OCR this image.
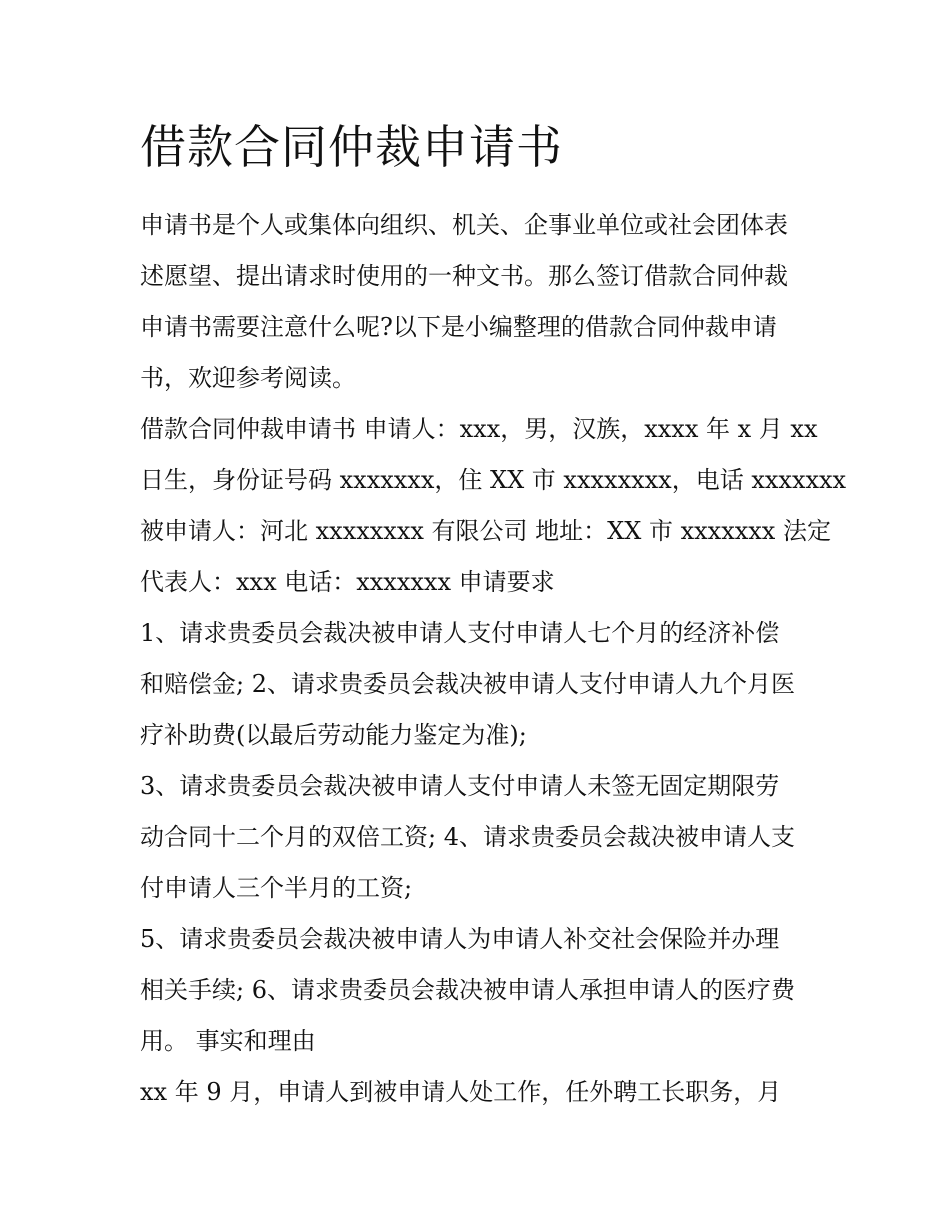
借款合同仲裁申请书
申请书是个人或集体向组织、机关、企事业单位或社会团体表
述愿望、提出请求时使用的一种文书。那么签订借款合同仲裁
申请书需要注意什么呢?以下是小编整理的借款合同仲裁申请
书，欢迎参考阅读。
借款合同仲裁申请书 申请人：xxx，男，汉族，xxxx 年 x 月 xx
日生，身份证号码 xxxxxxx，住 XX 市 xxxxxxxx，电话 xxxxxxx
被申请人：河北 xxxxxxxx 有限公司 地址：XX 市 xxxxxxx 法定
代表人：xxx 电话：xxxxxxx 申请要求
1、请求贵委员会裁决被申请人支付申请人七个月的经济补偿
和赔偿金; 2、请求贵委员会裁决被申请人支付申请人九个月医
疗补助费(以最后劳动能力鉴定为准);
3、请求贵委员会裁决被申请人支付申请人未签无固定期限劳
动合同十二个月的双倍工资; 4、请求贵委员会裁决被申请人支
付申请人三个半月的工资;
5、请求贵委员会裁决被申请人为申请人补交社会保险并办理
相关手续; 6、请求贵委员会裁决被申请人承担申请人的医疗费
用。 事实和理由
xx 年 9 月，申请人到被申请人处工作，任外聘工长职务，月
